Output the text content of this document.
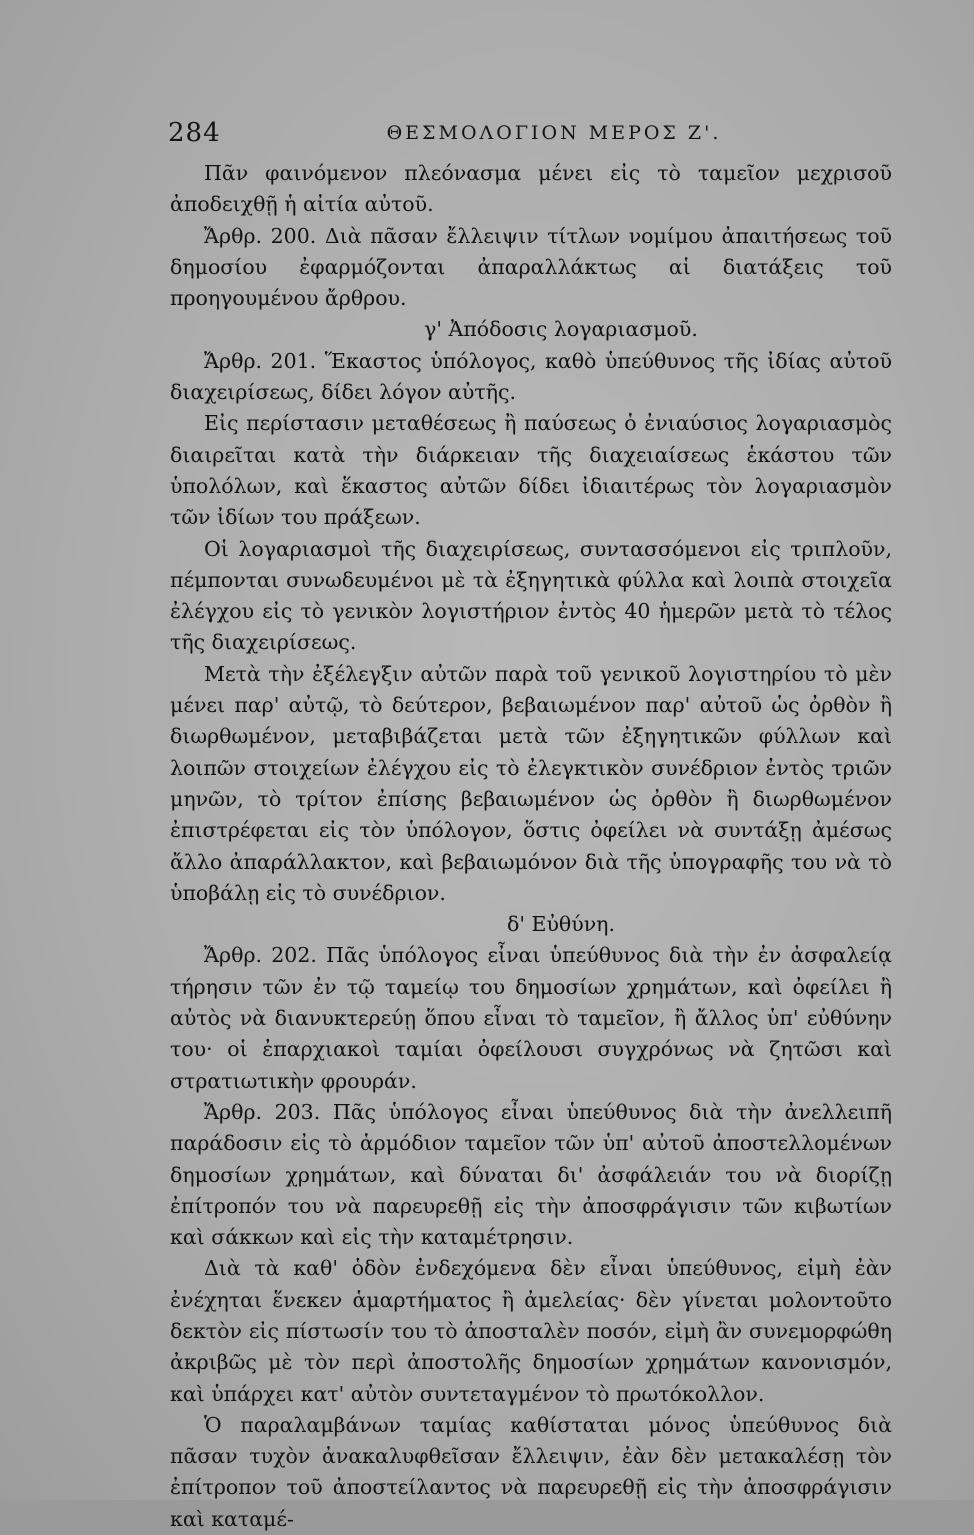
284	ΘΕΣΜΟΛΟΓΙΟΝ ΜΕΡΟΣ Ζ'.

Πᾶν φαινόμενον πλεόνασμα μένει εἰς τὸ ταμεῖον μεχρισοῦ ἀποδειχθῇ ἡ αἰτία αὐτοῦ.

Ἄρθρ. 200. Διὰ πᾶσαν ἔλλειψιν τίτλων νομίμου ἀπαιτήσεως τοῦ δημοσίου ἐφαρμόζονται ἀπαραλλάκτως αἱ διατάξεις τοῦ προηγουμένου ἄρθρου.

γ' Ἀπόδοσις λογαριασμοῦ.

Ἄρθρ. 201. Ἕκαστος ὑπόλογος, καθὸ ὑπεύθυνος τῆς ἰδίας αὐτοῦ διαχειρίσεως, δίδει λόγον αὐτῆς.

Εἰς περίστασιν μεταθέσεως ἢ παύσεως ὁ ἐνιαύσιος λογαριασμὸς διαιρεῖται κατὰ τὴν διάρκειαν τῆς διαχειαίσεως ἑκάστου τῶν ὑπολόλων, καὶ ἕκαστος αὐτῶν δίδει ἰδιαιτέρως τὸν λογαριασμὸν τῶν ἰδίων του πράξεων.

Οἱ λογαριασμοὶ τῆς διαχειρίσεως, συντασσόμενοι εἰς τριπλοῦν, πέμπονται συνωδευμένοι μὲ τὰ ἐξηγητικὰ φύλλα καὶ λοιπὰ στοιχεῖα ἐλέγχου εἰς τὸ γενικὸν λογιστήριον ἐντὸς 40 ἡμερῶν μετὰ τὸ τέλος τῆς διαχειρίσεως.

Μετὰ τὴν ἐξέλεγξιν αὐτῶν παρὰ τοῦ γενικοῦ λογιστηρίου τὸ μὲν μένει παρ' αὐτῷ, τὸ δεύτερον, βεβαιωμένον παρ' αὐτοῦ ὡς ὀρθὸν ἢ διωρθωμένον, μεταβιβάζεται μετὰ τῶν ἐξηγητικῶν φύλλων καὶ λοιπῶν στοιχείων ἐλέγχου εἰς τὸ ἐλεγκτικὸν συνέδριον ἐντὸς τριῶν μηνῶν, τὸ τρίτον ἐπίσης βεβαιωμένον ὡς ὀρθὸν ἢ διωρθωμένον ἐπιστρέφεται εἰς τὸν ὑπόλογον, ὅστις ὀφείλει νὰ συντάξῃ ἀμέσως ἄλλο ἀπαράλλακτον, καὶ βεβαιωμόνον διὰ τῆς ὑπογραφῆς του νὰ τὸ ὑποβάλῃ εἰς τὸ συνέδριον.

δ' Εὐθύνη.

Ἄρθρ. 202. Πᾶς ὑπόλογος εἶναι ὑπεύθυνος διὰ τὴν ἐν ἀσφαλείᾳ τήρησιν τῶν ἐν τῷ ταμείῳ του δημοσίων χρημάτων, καὶ ὀφείλει ἢ αὐτὸς νὰ διανυκτερεύῃ ὅπου εἶναι τὸ ταμεῖον, ἢ ἄλλος ὑπ' εὐθύνην του· οἱ ἐπαρχιακοὶ ταμίαι ὀφείλουσι συγχρόνως νὰ ζητῶσι καὶ στρατιωτικὴν φρουράν.

Ἄρθρ. 203. Πᾶς ὑπόλογος εἶναι ὑπεύθυνος διὰ τὴν ἀνελλειπῆ παράδοσιν εἰς τὸ ἁρμόδιον ταμεῖον τῶν ὑπ' αὐτοῦ ἀποστελλομένων δημοσίων χρημάτων, καὶ δύναται δι' ἀσφάλειάν του νὰ διορίζῃ ἐπίτροπόν του νὰ παρευρεθῇ εἰς τὴν ἀποσφράγισιν τῶν κιβωτίων καὶ σάκκων καὶ εἰς τὴν καταμέτρησιν.

Διὰ τὰ καθ' ὁδὸν ἐνδεχόμενα δὲν εἶναι ὑπεύθυνος, εἰμὴ ἐὰν ἐνέχηται ἕνεκεν ἁμαρτήματος ἢ ἀμελείας· δὲν γίνεται μολοντοῦτο δεκτὸν εἰς πίστωσίν του τὸ ἀποσταλὲν ποσόν, εἰμὴ ἂν συνεμορφώθη ἀκριβῶς μὲ τὸν περὶ ἀποστολῆς δημοσίων χρημάτων κανονισμόν, καὶ ὑπάρχει κατ' αὐτὸν συντεταγμένον τὸ πρωτόκολλον.

Ὁ παραλαμβάνων ταμίας καθίσταται μόνος ὑπεύθυνος διὰ πᾶσαν τυχὸν ἀνακαλυφθεῖσαν ἔλλειψιν, ἐὰν δὲν μετακαλέσῃ τὸν ἐπίτροπον τοῦ ἀποστείλαντος νὰ παρευρεθῇ εἰς τὴν ἀποσφράγισιν καὶ καταμέ-
